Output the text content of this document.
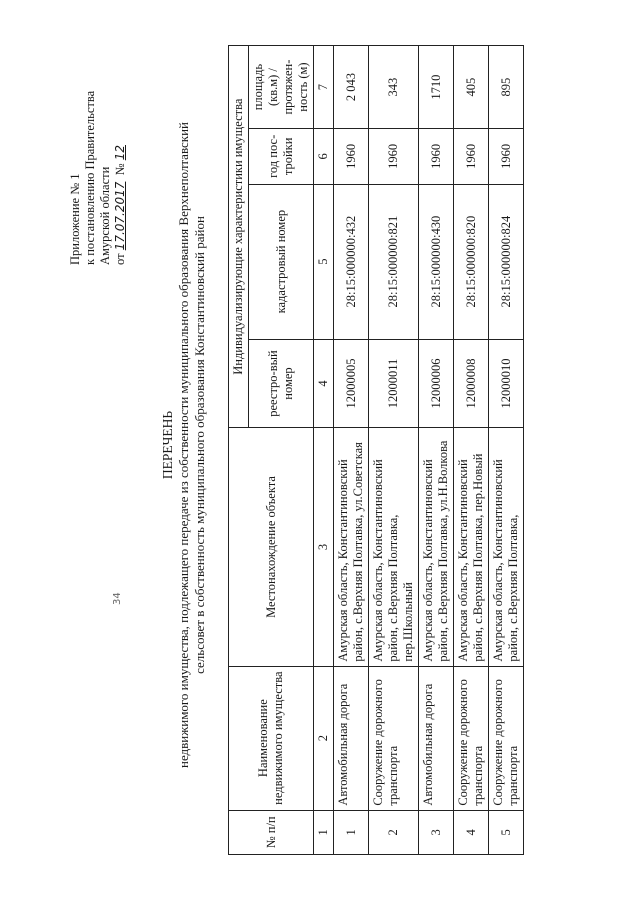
Приложение № 1 к постановлению Правительства Амурской области от 17.07.2017  № 12
34
ПЕРЕЧЕНЬ недвижимого имущества, подлежащего передаче из собственности муниципального образования Верхнеполтавский сельсовет в собственность муниципального образования Константиновский район
№ п/п	Наименование недвижимого имущества	Местонахождение объекта	Индивидуализирующие характеристики имущества			
			реестро-вый номер	кадастровый номер	год пос-тройки	площадь (кв.м) / протяжен-ность (м)
1	2	3	4	5	6	7
1	Автомобильная дорога	Амурская область, Константиновский район, с.Верхняя Полтавка, ул.Советская	12000005	28:15:000000:432	1960	2 043
2	Сооружение дорожного транспорта	Амурская область, Константиновский район, с.Верхняя Полтавка, пер.Школьный	12000011	28:15:000000:821	1960	343
3	Автомобильная дорога	Амурская область, Константиновский район, с.Верхняя Полтавка, ул.Н.Волкова	12000006	28:15:000000:430	1960	1710
4	Сооружение дорожного транспорта	Амурская область, Константиновский район, с.Верхняя Полтавка, пер.Новый	12000008	28:15:000000:820	1960	405
5	Сооружение дорожного транспорта	Амурская область, Константиновский район, с.Верхняя Полтавка,	12000010	28:15:000000:824	1960	895
